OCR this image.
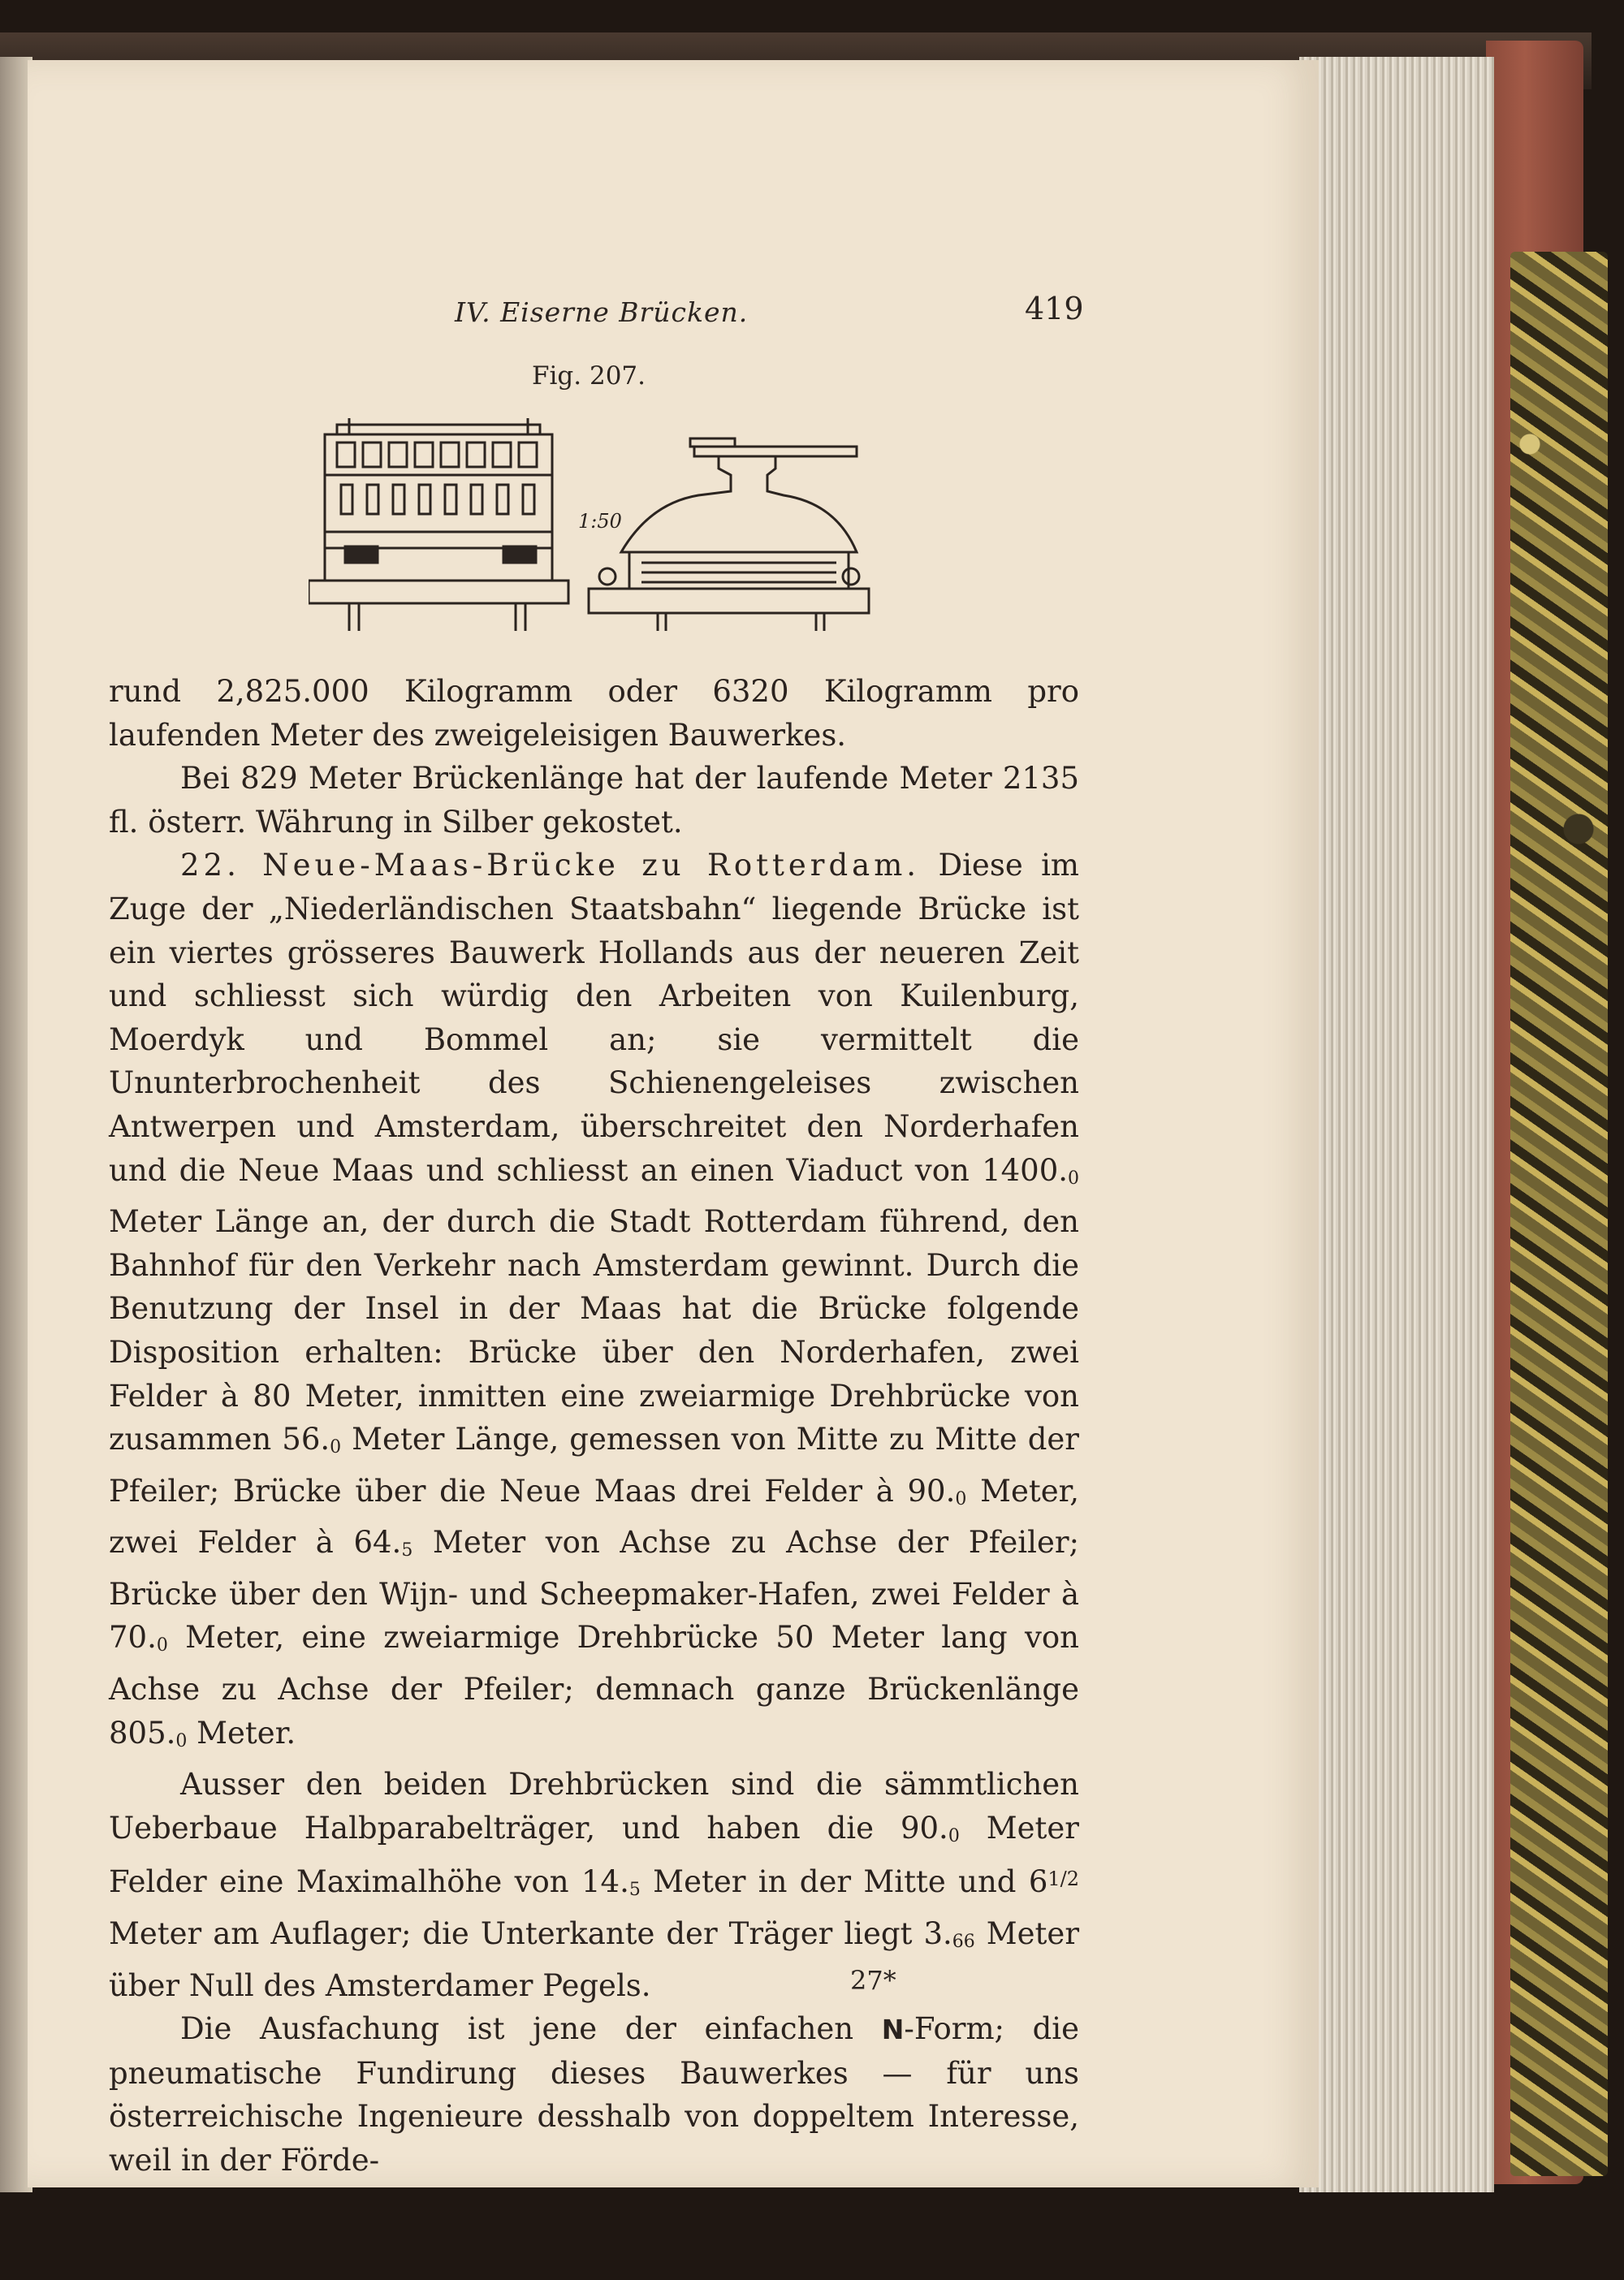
IV. Eiserne Brücken.	419
Fig. 207.
1:50

rund 2,825.000 Kilogramm oder 6320 Kilogramm pro laufenden Meter des zweigeleisigen Bauwerkes.

Bei 829 Meter Brückenlänge hat der laufende Meter 2135 fl. österr. Währung in Silber gekostet.

22. Neue-Maas-Brücke zu Rotterdam. Diese im Zuge der „Niederländischen Staatsbahn“ liegende Brücke ist ein viertes grösseres Bauwerk Hollands aus der neueren Zeit und schliesst sich würdig den Arbeiten von Kuilenburg, Moerdyk und Bommel an; sie vermittelt die Ununterbrochenheit des Schienengeleises zwischen Antwerpen und Amsterdam, überschreitet den Norderhafen und die Neue Maas und schliesst an einen Viaduct von 1400.0 Meter Länge an, der durch die Stadt Rotterdam führend, den Bahnhof für den Verkehr nach Amsterdam gewinnt. Durch die Benutzung der Insel in der Maas hat die Brücke folgende Disposition erhalten: Brücke über den Norderhafen, zwei Felder à 80 Meter, inmitten eine zweiarmige Drehbrücke von zusammen 56.0 Meter Länge, gemessen von Mitte zu Mitte der Pfeiler; Brücke über die Neue Maas drei Felder à 90.0 Meter, zwei Felder à 64.5 Meter von Achse zu Achse der Pfeiler; Brücke über den Wijn- und Scheepmaker-Hafen, zwei Felder à 70.0 Meter, eine zweiarmige Drehbrücke 50 Meter lang von Achse zu Achse der Pfeiler; demnach ganze Brückenlänge 805.0 Meter.

Ausser den beiden Drehbrücken sind die sämmtlichen Ueberbaue Halbparabelträger, und haben die 90.0 Meter Felder eine Maximalhöhe von 14.5 Meter in der Mitte und $6^{1/2}$ Meter am Auflager; die Unterkante der Träger liegt 3.66 Meter über Null des Amsterdamer Pegels.

Die Ausfachung ist jene der einfachen N-Form; die pneumatische Fundirung dieses Bauwerkes — für uns österreichische Ingenieure desshalb von doppeltem Interesse, weil in der Förde-

27*
